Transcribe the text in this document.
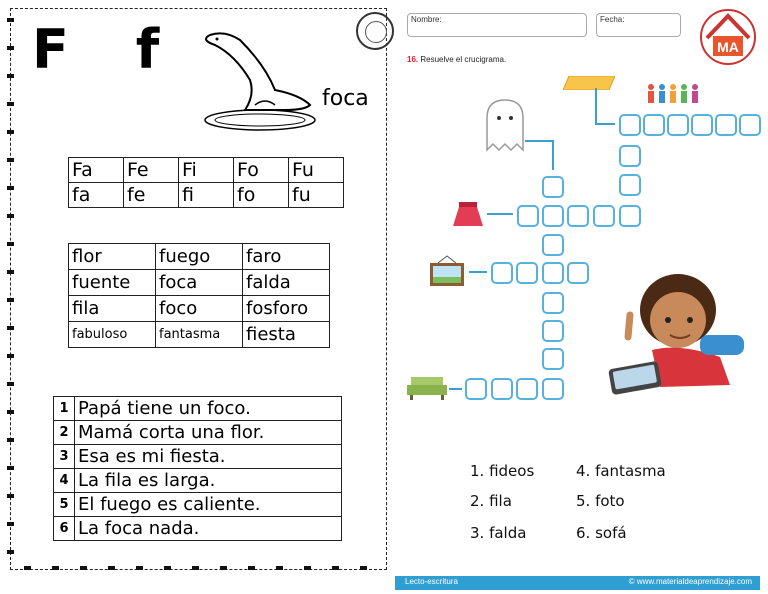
F f
foca
Fa	Fe	Fi	Fo	Fu
fa	fe	fi	fo	fu
flor	fuego	faro
fuente	foca	falda
fila	foco	fosforo
fabuloso	fantasma	fiesta
1	Papá tiene un foco.
2	Mamá corta una flor.
3	Esa es mi fiesta.
4	La fila es larga.
5	El fuego es caliente.
6	La foca nada.
Nombre:	Fecha:
MA
16. Resuelve el crucigrama.
1. fideos
2. fila
3. falda
4. fantasma
5. foto
6. sofá
Lecto-escritura	© www.materialdeaprendizaje.com
